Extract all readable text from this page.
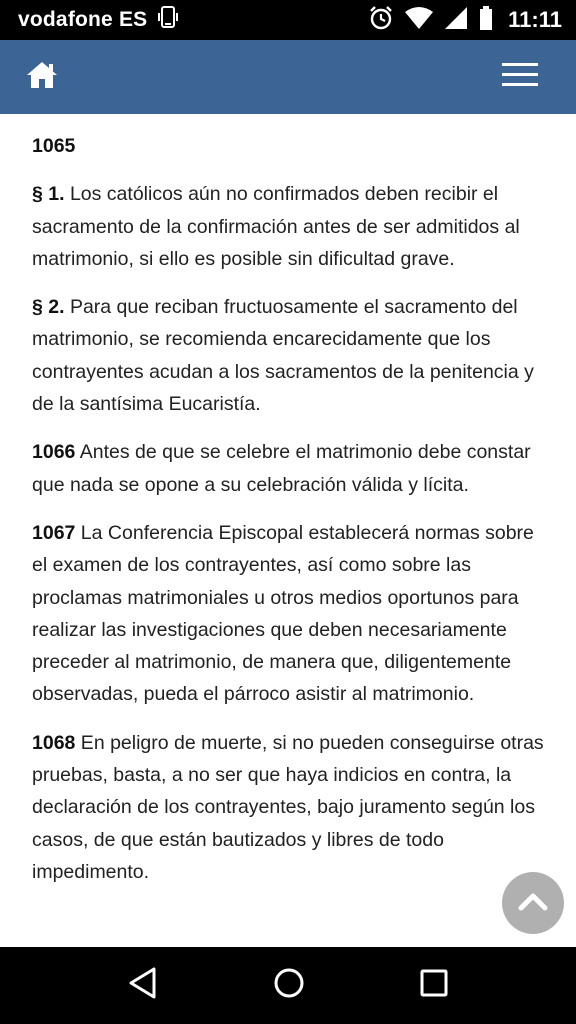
vodafone ES	11:11
1065

§ 1. Los católicos aún no confirmados deben recibir el sacramento de la confirmación antes de ser admitidos al matrimonio, si ello es posible sin dificultad grave.

§ 2. Para que reciban fructuosamente el sacramento del matrimonio, se recomienda encarecidamente que los contrayentes acudan a los sacramentos de la penitencia y de la santísima Eucaristía.

1066 Antes de que se celebre el matrimonio debe constar que nada se opone a su celebración válida y lícita.

1067 La Conferencia Episcopal establecerá normas sobre el examen de los contrayentes, así como sobre las proclamas matrimoniales u otros medios oportunos para realizar las investigaciones que deben necesariamente preceder al matrimonio, de manera que, diligentemente observadas, pueda el párroco asistir al matrimonio.

1068 En peligro de muerte, si no pueden conseguirse otras pruebas, basta, a no ser que haya indicios en contra, la declaración de los contrayentes, bajo juramento según los casos, de que están bautizados y libres de todo impedimento.
